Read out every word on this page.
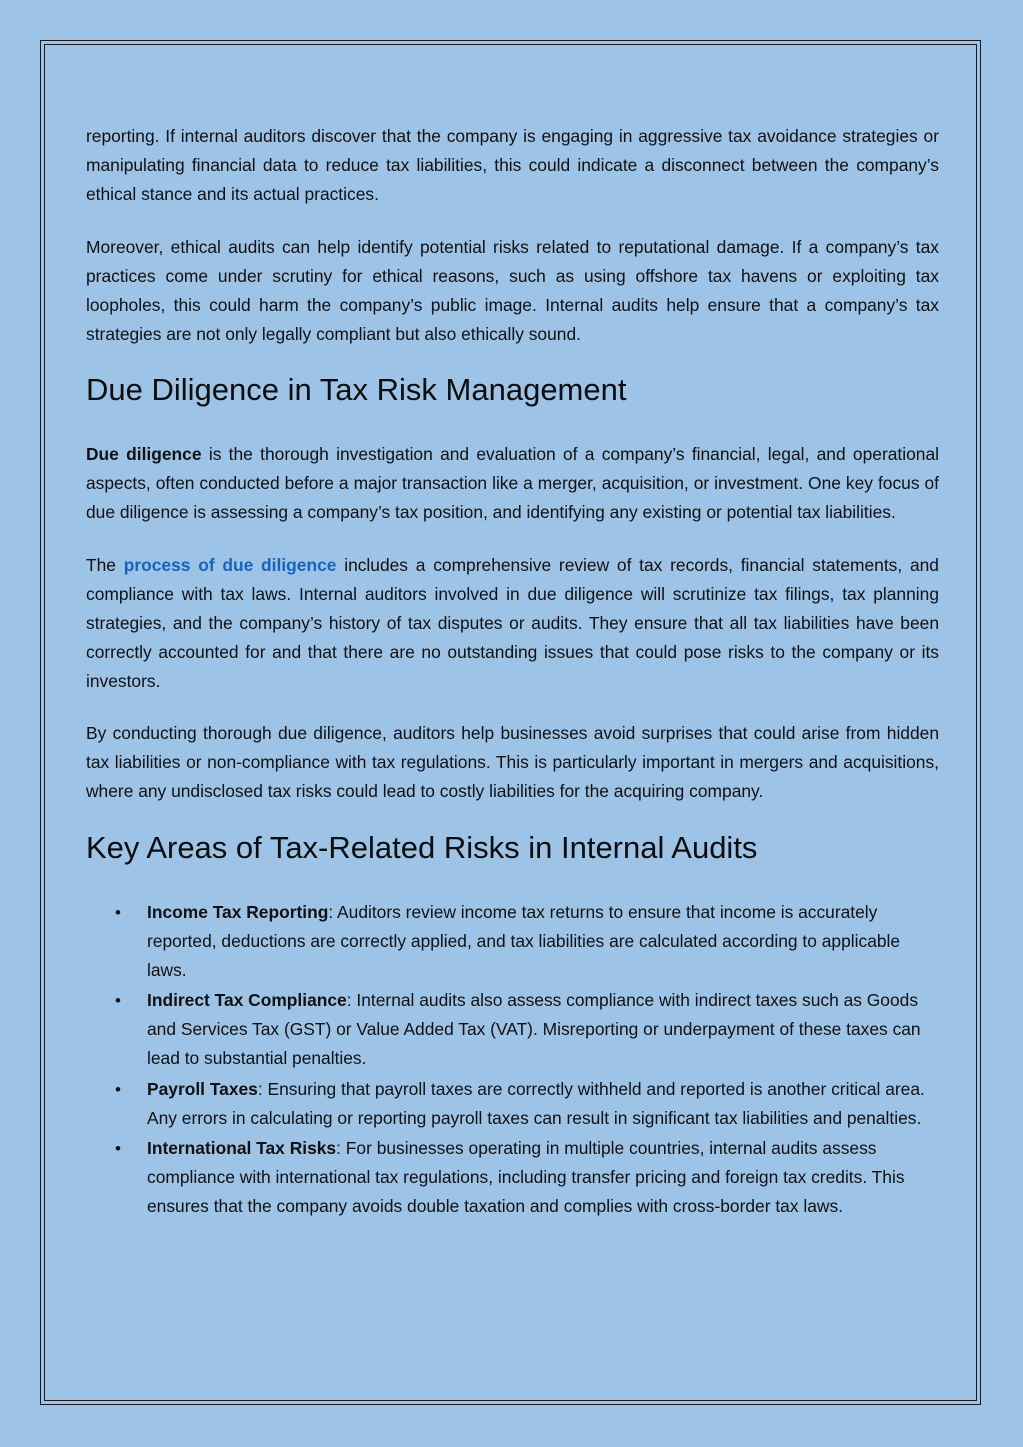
reporting. If internal auditors discover that the company is engaging in aggressive tax avoidance strategies or manipulating financial data to reduce tax liabilities, this could indicate a disconnect between the company’s ethical stance and its actual practices.

Moreover, ethical audits can help identify potential risks related to reputational damage. If a company’s tax practices come under scrutiny for ethical reasons, such as using offshore tax havens or exploiting tax loopholes, this could harm the company’s public image. Internal audits help ensure that a company’s tax strategies are not only legally compliant but also ethically sound.

Due Diligence in Tax Risk Management

Due diligence is the thorough investigation and evaluation of a company’s financial, legal, and operational aspects, often conducted before a major transaction like a merger, acquisition, or investment. One key focus of due diligence is assessing a company’s tax position, and identifying any existing or potential tax liabilities.

The process of due diligence includes a comprehensive review of tax records, financial statements, and compliance with tax laws. Internal auditors involved in due diligence will scrutinize tax filings, tax planning strategies, and the company’s history of tax disputes or audits. They ensure that all tax liabilities have been correctly accounted for and that there are no outstanding issues that could pose risks to the company or its investors.

By conducting thorough due diligence, auditors help businesses avoid surprises that could arise from hidden tax liabilities or non-compliance with tax regulations. This is particularly important in mergers and acquisitions, where any undisclosed tax risks could lead to costly liabilities for the acquiring company.

Key Areas of Tax-Related Risks in Internal Audits
• Income Tax Reporting: Auditors review income tax returns to ensure that income is accurately reported, deductions are correctly applied, and tax liabilities are calculated according to applicable laws.
• Indirect Tax Compliance: Internal audits also assess compliance with indirect taxes such as Goods and Services Tax (GST) or Value Added Tax (VAT). Misreporting or underpayment of these taxes can lead to substantial penalties.
• Payroll Taxes: Ensuring that payroll taxes are correctly withheld and reported is another critical area. Any errors in calculating or reporting payroll taxes can result in significant tax liabilities and penalties.
• International Tax Risks: For businesses operating in multiple countries, internal audits assess compliance with international tax regulations, including transfer pricing and foreign tax credits. This ensures that the company avoids double taxation and complies with cross-border tax laws.
